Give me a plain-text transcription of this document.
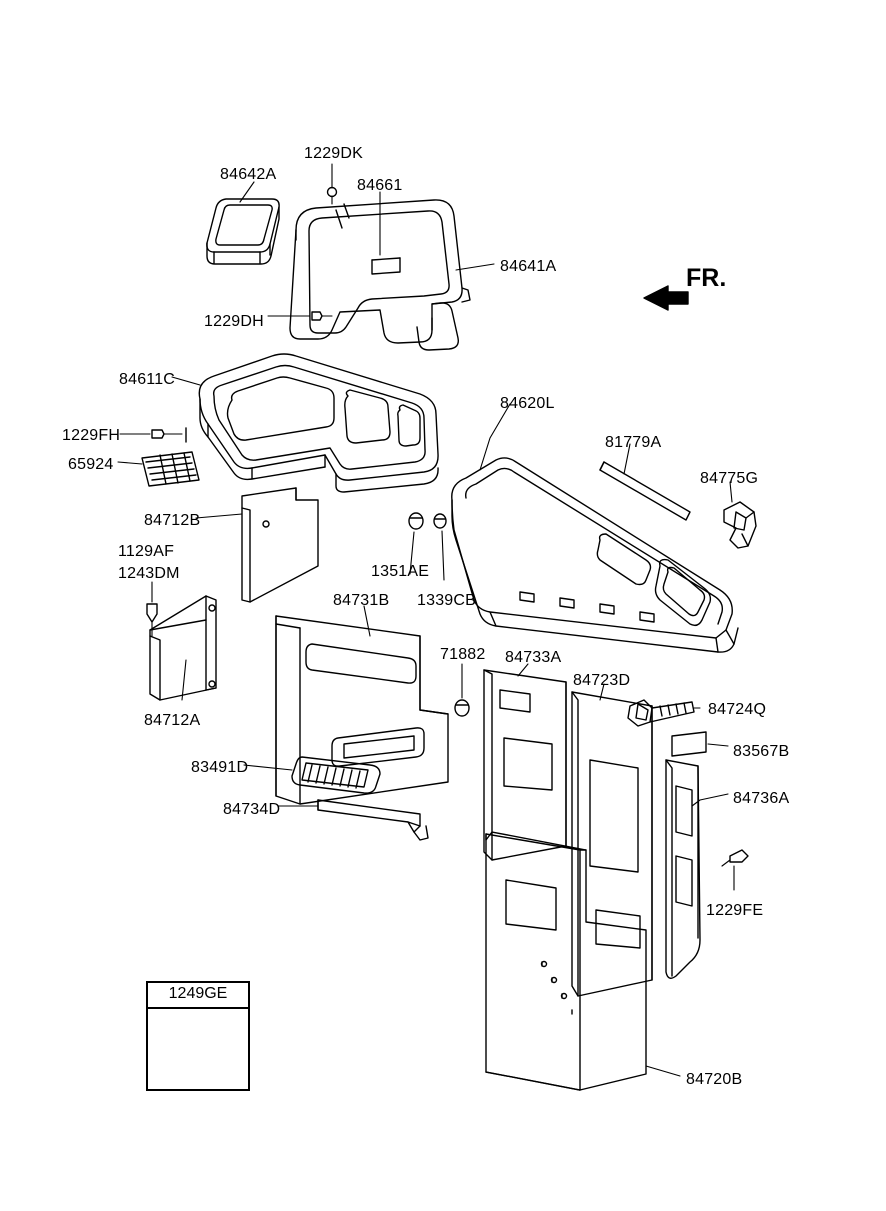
84642A
1229DK
84661
84641A
1229DH
84611C
84620L
81779A
84775G
1229FH
65924
84712B
1351AE
1129AF
1243DM
84731B 1339CB
71882 84733A
84723D
84724Q
83567B
84712A
84736A
83491D
84734D
1229FE
84720B
FR.
1249GE
